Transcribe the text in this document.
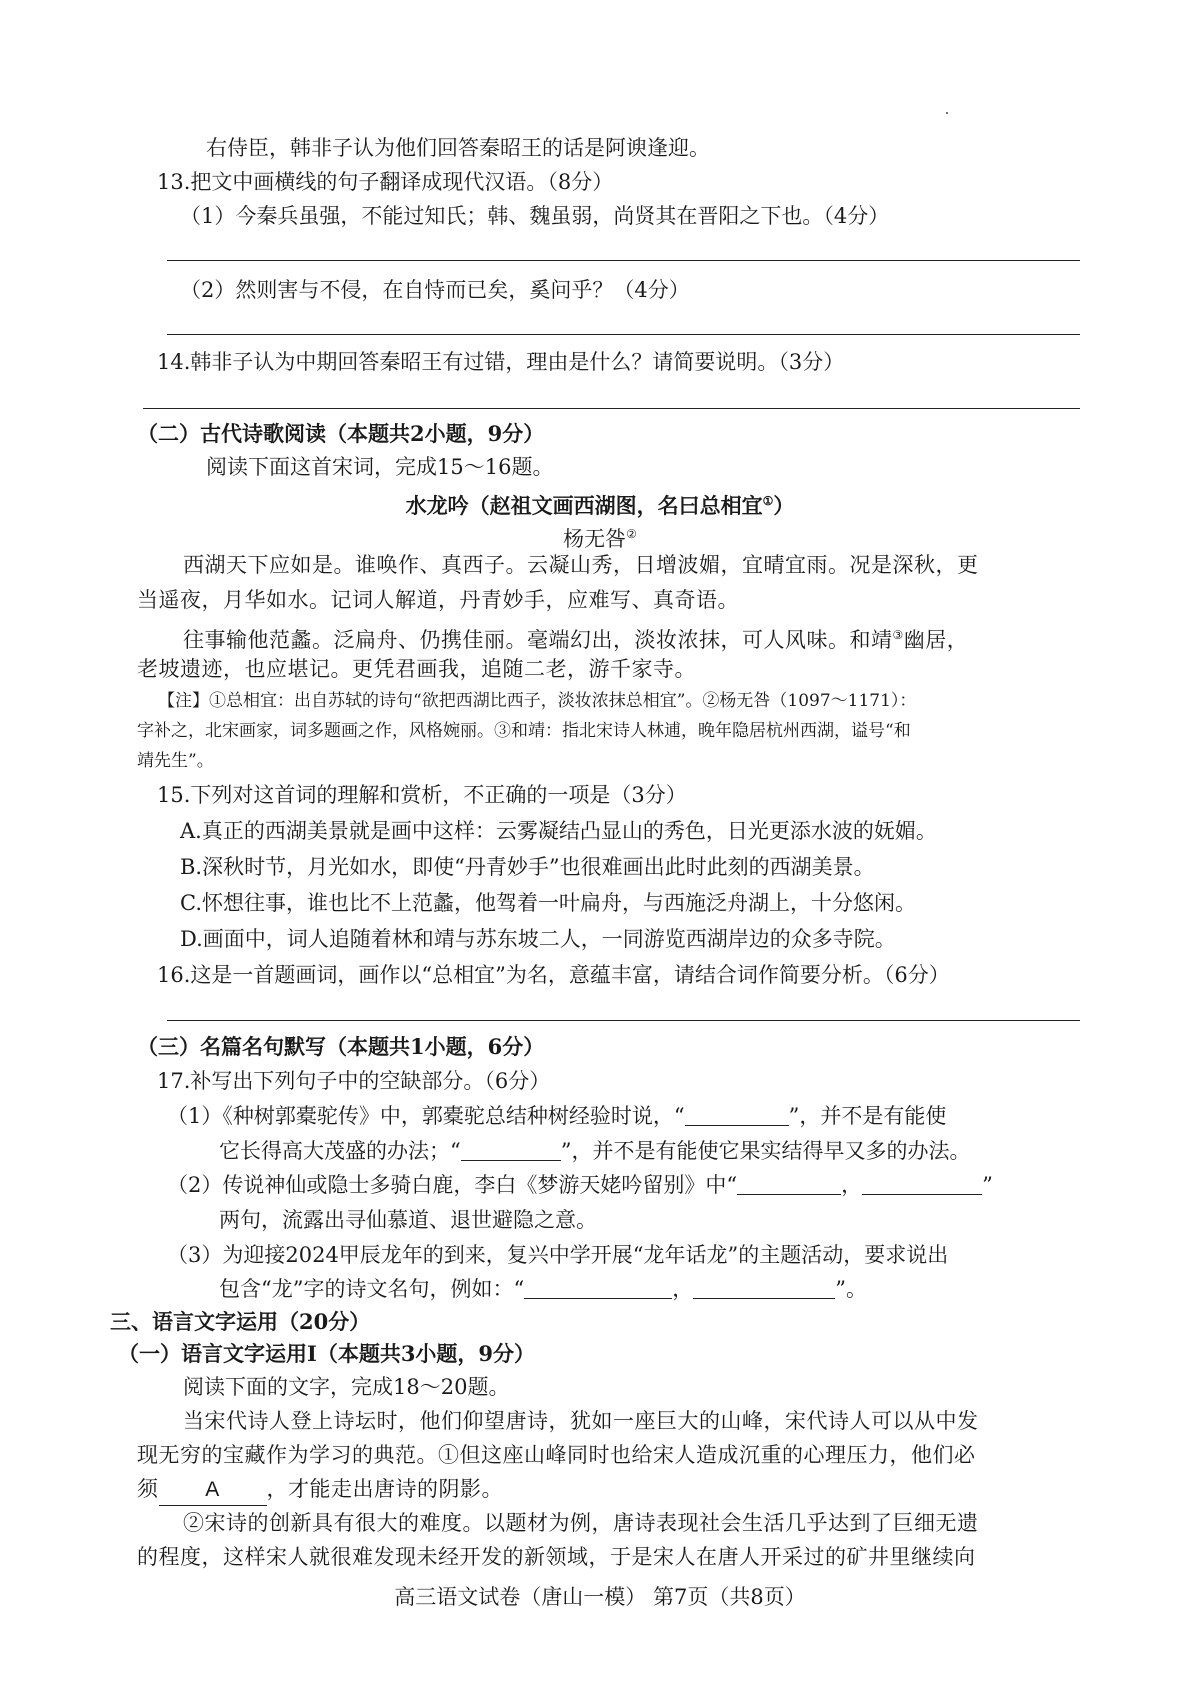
右侍臣，韩非子认为他们回答秦昭王的话是阿谀逢迎。
13.把文中画横线的句子翻译成现代汉语。（8分）
（1）今秦兵虽强，不能过知氏；韩、魏虽弱，尚贤其在晋阳之下也。（4分）
（2）然则害与不侵，在自恃而已矣，奚问乎？（4分）
14.韩非子认为中期回答秦昭王有过错，理由是什么？请简要说明。（3分）
（二）古代诗歌阅读（本题共2小题，9分）
阅读下面这首宋词，完成15～16题。
水龙吟（赵祖文画西湖图，名曰总相宜①）
杨无咎②
西湖天下应如是。谁唤作、真西子。云凝山秀，日增波媚，宜晴宜雨。况是深秋，更
当遥夜，月华如水。记词人解道，丹青妙手，应难写、真奇语。
往事输他范蠡。泛扁舟、仍携佳丽。毫端幻出，淡妆浓抹，可人风味。和靖③幽居，
老坡遗迹，也应堪记。更凭君画我，追随二老，游千家寺。
【注】①总相宜：出自苏轼的诗句“欲把西湖比西子，淡妆浓抹总相宜”。②杨无咎（1097～1171）：
字补之，北宋画家，词多题画之作，风格婉丽。③和靖：指北宋诗人林逋，晚年隐居杭州西湖，谥号“和
靖先生”。
15.下列对这首词的理解和赏析，不正确的一项是（3分）
A.真正的西湖美景就是画中这样：云雾凝结凸显山的秀色，日光更添水波的妩媚。
B.深秋时节，月光如水，即使“丹青妙手”也很难画出此时此刻的西湖美景。
C.怀想往事，谁也比不上范蠡，他驾着一叶扁舟，与西施泛舟湖上，十分悠闲。
D.画面中，词人追随着林和靖与苏东坡二人，一同游览西湖岸边的众多寺院。
16.这是一首题画词，画作以“总相宜”为名，意蕴丰富，请结合词作简要分析。（6分）
（三）名篇名句默写（本题共1小题，6分）
17.补写出下列句子中的空缺部分。（6分）
（1）《种树郭橐驼传》中，郭橐驼总结种树经验时说，“	”，并不是有能使
它长得高大茂盛的办法；“	”，并不是有能使它果实结得早又多的办法。
（2）传说神仙或隐士多骑白鹿，李白《梦游天姥吟留别》中“	，	”
两句，流露出寻仙慕道、退世避隐之意。
（3）为迎接2024甲辰龙年的到来，复兴中学开展“龙年话龙”的主题活动，要求说出
包含“龙”字的诗文名句，例如：“	，	”。
三、语言文字运用（20分）
（一）语言文字运用Ⅰ（本题共3小题，9分）
阅读下面的文字，完成18～20题。
当宋代诗人登上诗坛时，他们仰望唐诗，犹如一座巨大的山峰，宋代诗人可以从中发
现无穷的宝藏作为学习的典范。①但这座山峰同时也给宋人造成沉重的心理压力，他们必
须 A ，才能走出唐诗的阴影。
②宋诗的创新具有很大的难度。以题材为例，唐诗表现社会生活几乎达到了巨细无遗
的程度，这样宋人就很难发现未经开发的新领域，于是宋人在唐人开采过的矿井里继续向
高三语文试卷（唐山一模） 第7页（共8页）
